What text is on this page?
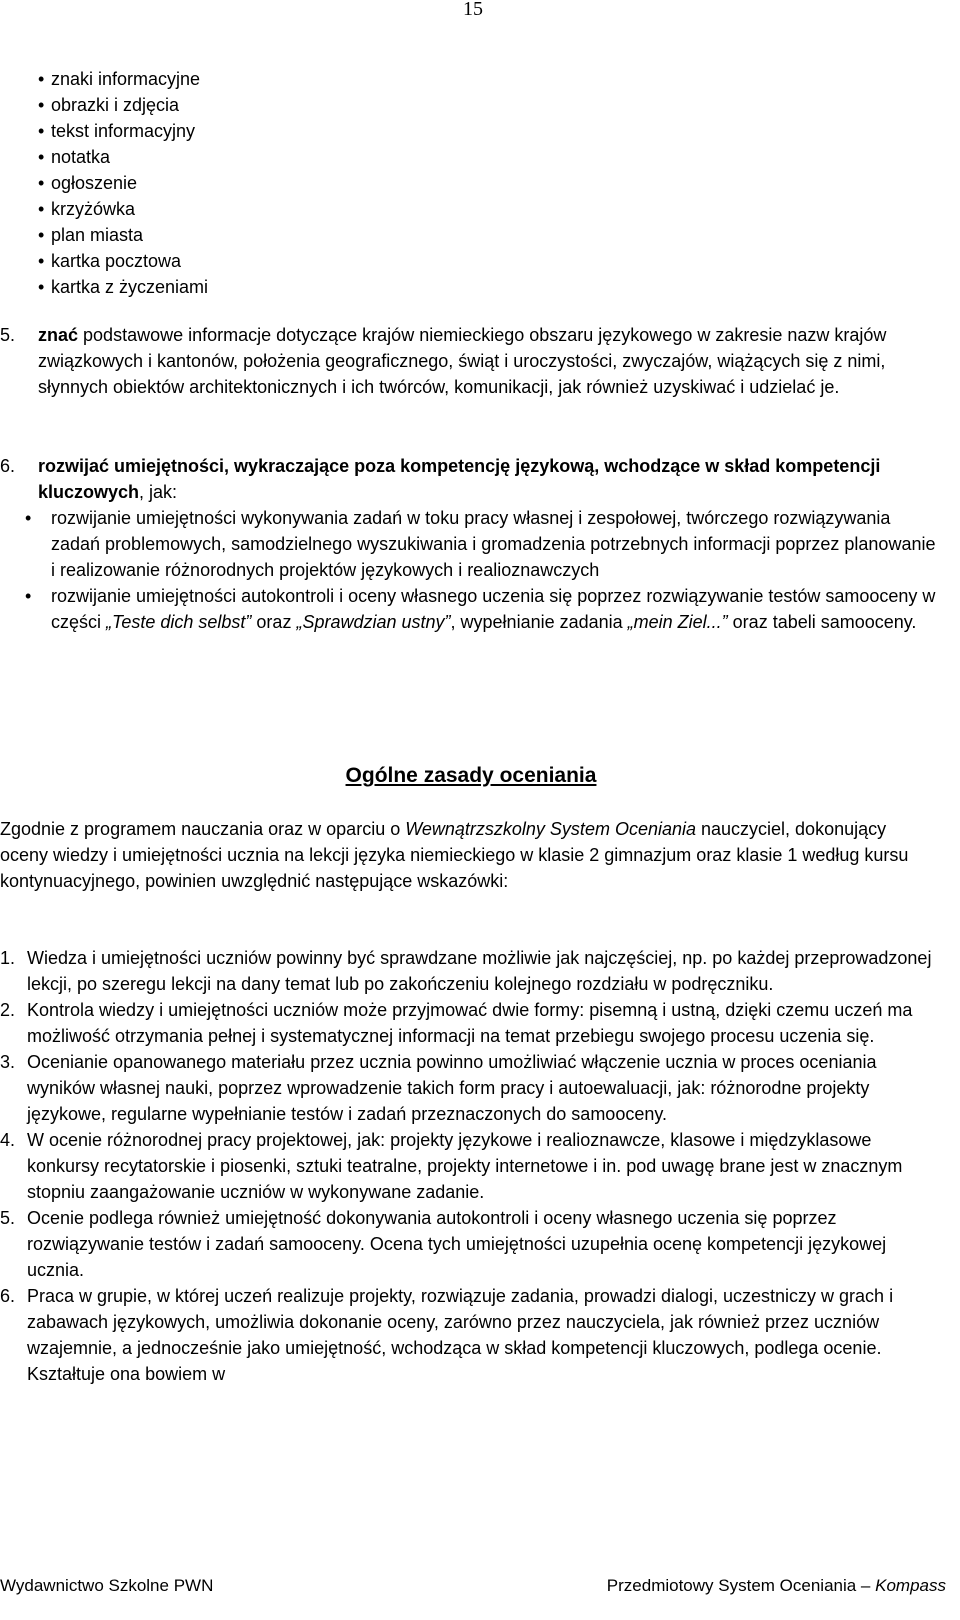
15
• znaki informacyjne
• obrazki i zdjęcia
• tekst informacyjny
• notatka
• ogłoszenie
• krzyżówka
• plan miasta
• kartka pocztowa
• kartka z życzeniami
5. znać podstawowe informacje dotyczące krajów niemieckiego obszaru językowego w zakresie nazw krajów związkowych i kantonów, położenia geograficznego, świąt i uroczystości, zwyczajów, wiążących się z nimi, słynnych obiektów architektonicznych i ich twórców, komunikacji, jak również uzyskiwać i udzielać je.
6. rozwijać umiejętności, wykraczające poza kompetencję językową, wchodzące w skład kompetencji kluczowych, jak:
• rozwijanie umiejętności wykonywania zadań w toku pracy własnej i zespołowej, twórczego rozwiązywania zadań problemowych, samodzielnego wyszukiwania i gromadzenia potrzebnych informacji poprzez planowanie i realizowanie różnorodnych projektów językowych i realioznawczych
• rozwijanie umiejętności autokontroli i oceny własnego uczenia się poprzez rozwiązywanie testów samooceny w części „Teste dich selbst” oraz „Sprawdzian ustny”, wypełnianie zadania „mein Ziel...” oraz tabeli samooceny.
Ogólne zasady oceniania
Zgodnie z programem nauczania oraz w oparciu o Wewnątrzszkolny System Oceniania nauczyciel, dokonujący oceny wiedzy i umiejętności ucznia na lekcji języka niemieckiego w klasie 2 gimnazjum oraz klasie 1 według kursu kontynuacyjnego, powinien uwzględnić następujące wskazówki:
1. Wiedza i umiejętności uczniów powinny być sprawdzane możliwie jak najczęściej, np. po każdej przeprowadzonej lekcji, po szeregu lekcji na dany temat lub po zakończeniu kolejnego rozdziału w podręczniku.
2. Kontrola wiedzy i umiejętności uczniów może przyjmować dwie formy: pisemną i ustną, dzięki czemu uczeń ma możliwość otrzymania pełnej i systematycznej informacji na temat przebiegu swojego procesu uczenia się.
3. Ocenianie opanowanego materiału przez ucznia powinno umożliwiać włączenie ucznia w proces oceniania wyników własnej nauki, poprzez wprowadzenie takich form pracy i autoewaluacji, jak: różnorodne projekty językowe, regularne wypełnianie testów i zadań przeznaczonych do samooceny.
4. W ocenie różnorodnej pracy projektowej, jak: projekty językowe i realioznawcze, klasowe i międzyklasowe konkursy recytatorskie i piosenki, sztuki teatralne, projekty internetowe i in. pod uwagę brane jest w znacznym stopniu zaangażowanie uczniów w wykonywane zadanie.
5. Ocenie podlega również umiejętność dokonywania autokontroli i oceny własnego uczenia się poprzez rozwiązywanie testów i zadań samooceny. Ocena tych umiejętności uzupełnia ocenę kompetencji językowej ucznia.
6. Praca w grupie, w której uczeń realizuje projekty, rozwiązuje zadania, prowadzi dialogi, uczestniczy w grach i zabawach językowych, umożliwia dokonanie oceny, zarówno przez nauczyciela, jak również przez uczniów wzajemnie, a jednocześnie jako umiejętność, wchodząca w skład kompetencji kluczowych, podlega ocenie. Kształtuje ona bowiem w
Wydawnictwo Szkolne PWN	Przedmiotowy System Oceniania – Kompass
